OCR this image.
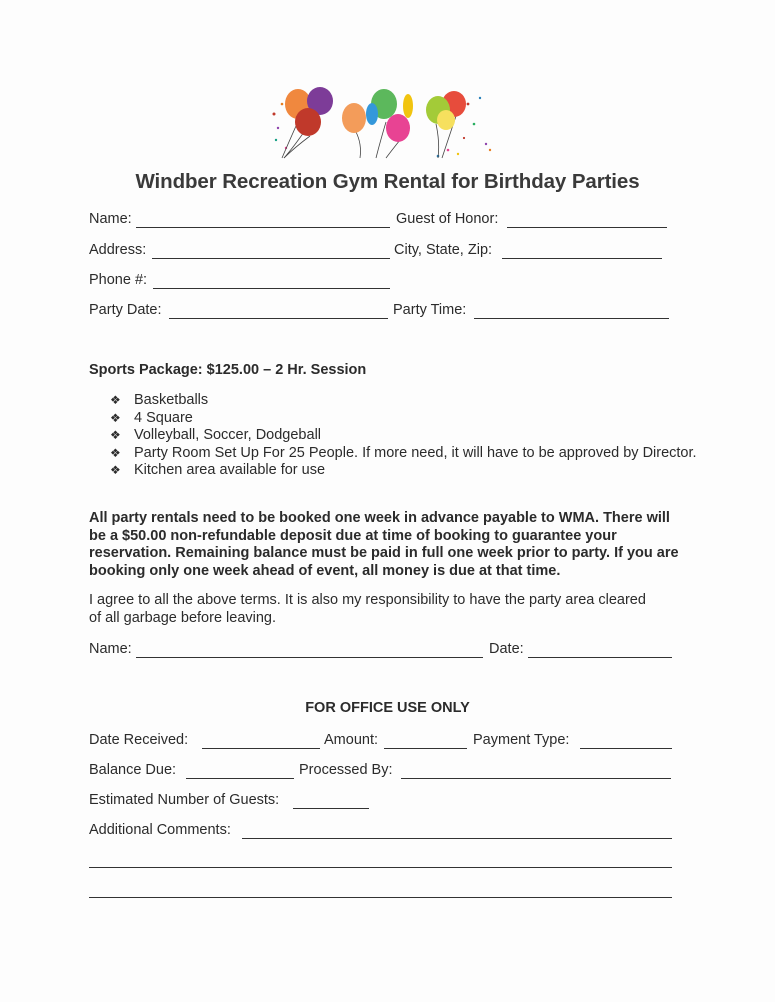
Windber Recreation Gym Rental for Birthday Parties
Name:	Guest of Honor:
Address:	City, State, Zip:
Phone #:
Party Date:	Party Time:
Sports Package: $125.00 – 2 Hr. Session
❖ Basketballs
❖ 4 Square
❖ Volleyball, Soccer, Dodgeball
❖ Party Room Set Up For 25 People. If more need, it will have to be approved by Director.
❖ Kitchen area available for use
All party rentals need to be booked one week in advance payable to WMA. There will be a $50.00 non-refundable deposit due at time of booking to guarantee your reservation. Remaining balance must be paid in full one week prior to party. If you are booking only one week ahead of event, all money is due at that time.
I agree to all the above terms. It is also my responsibility to have the party area cleared of all garbage before leaving.
Name:	Date:
FOR OFFICE USE ONLY
Date Received:	Amount:	Payment Type:
Balance Due:	Processed By:
Estimated Number of Guests:
Additional Comments:
